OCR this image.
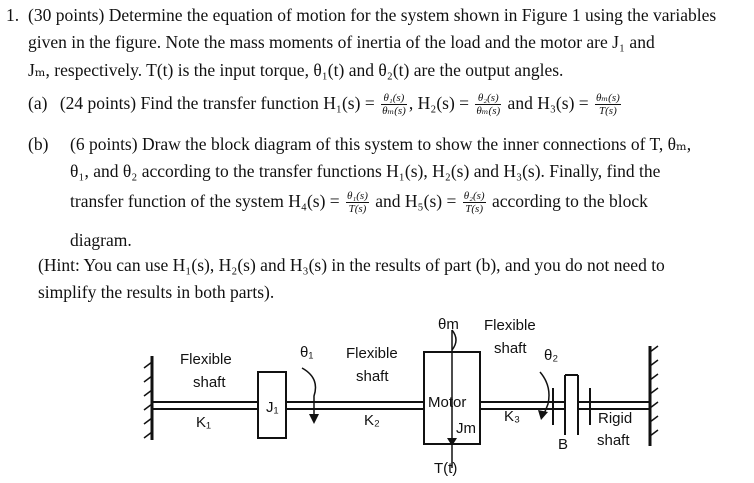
1. (30 points) Determine the equation of motion for the system shown in Figure 1 using the variables
given in the figure. Note the mass moments of inertia of the load and the motor are J₁ and
Jₘ, respectively. T(t) is the input torque, θ₁(t) and θ₂(t) are the output angles.
(a) (24 points) Find the transfer function $H_1(s) = \frac{\text{θ₁(s)}}{\text{θₘ(s)}}$ , $H_2(s) = \frac{\text{θ₂(s)}}{\text{θₘ(s)}}$ and $H_3(s) = \frac{\text{θₘ(s)}}{T(s)}$
(b) (6 points) Draw the block diagram of this system to show the inner connections of T, θₘ,
θ₁, and θ₂ according to the transfer functions H₁(s), H₂(s) and H₃(s). Finally, find the
transfer function of the system $H_4(s) = \frac{\text{θ₁(s)}}{T(s)}$ and $H_5(s) = \frac{\text{θ₂(s)}}{T(s)}$ according to the block
diagram.
(Hint: You can use H₁(s), H₂(s) and H₃(s) in the results of part (b), and you do not need to
simplify the results in both parts).
Flexible
shaft
θ₁ Flexible
shaft
θm Flexible
shaft θ₂
J₁
K₁	K₂
Motor
Jm
K₃	Rigid
shaft
B
T(t)
